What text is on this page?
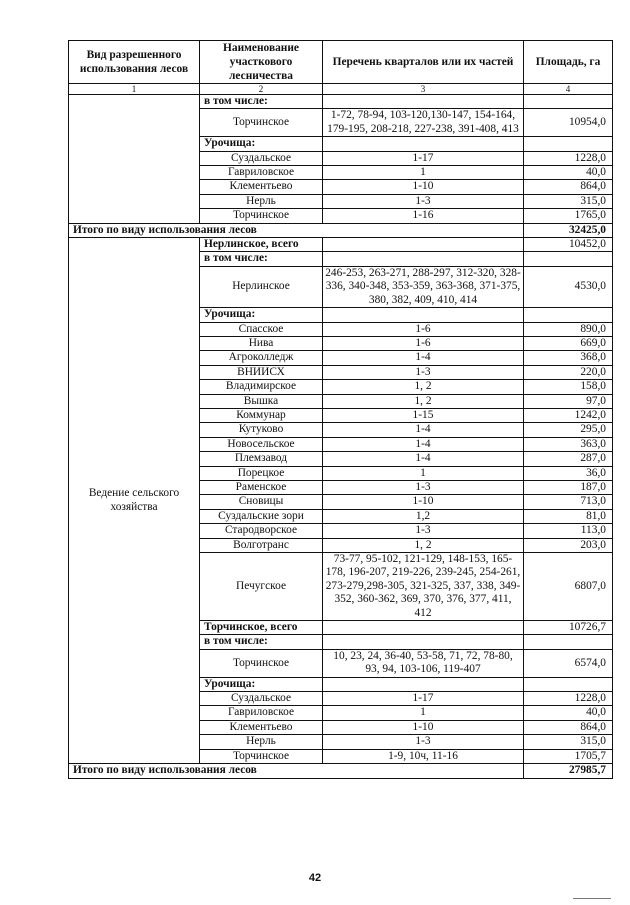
Вид разрешенного использования лесов	Наименование участкового лесничества	Перечень кварталов или их частей	Площадь, га
1	2	3	4
	в том числе:		
	Торчинское	1-72, 78-94, 103-120,130-147, 154-164, 179-195, 208-218, 227-238, 391-408, 413	10954,0
	Урочища:		
	Суздальское	1-17	1228,0
	Гавриловское	1	40,0
	Клементьево	1-10	864,0
	Нерль	1-3	315,0
	Торчинское	1-16	1765,0
Итого по виду использования лесов			32425,0
Ведение сельского хозяйства	Нерлинское, всего		10452,0
	в том числе:		
	Нерлинское	246-253, 263-271, 288-297, 312-320, 328-336, 340-348, 353-359, 363-368, 371-375, 380, 382, 409, 410, 414	4530,0
	Урочища:		
	Спасское	1-6	890,0
	Нива	1-6	669,0
	Агроколледж	1-4	368,0
	ВНИИСХ	1-3	220,0
	Владимирское	1, 2	158,0
	Вышка	1, 2	97,0
	Коммунар	1-15	1242,0
	Кутуково	1-4	295,0
	Новосельское	1-4	363,0
	Племзавод	1-4	287,0
	Порецкое	1	36,0
	Раменское	1-3	187,0
	Сновицы	1-10	713,0
	Суздальские зори	1,2	81,0
	Стародворское	1-3	113,0
	Волготранс	1, 2	203,0
	Печугское	73-77, 95-102, 121-129, 148-153, 165-178, 196-207, 219-226, 239-245, 254-261, 273-279,298-305, 321-325, 337, 338, 349-352, 360-362, 369, 370, 376, 377, 411, 412	6807,0
	Торчинское, всего		10726,7
	в том числе:		
	Торчинское	10, 23, 24, 36-40, 53-58, 71, 72, 78-80, 93, 94, 103-106, 119-407	6574,0
	Урочища:		
	Суздальское	1-17	1228,0
	Гавриловское	1	40,0
	Клементьево	1-10	864,0
	Нерль	1-3	315,0
	Торчинское	1-9, 10ч, 11-16	1705,7
Итого по виду использования лесов			27985,7
42
